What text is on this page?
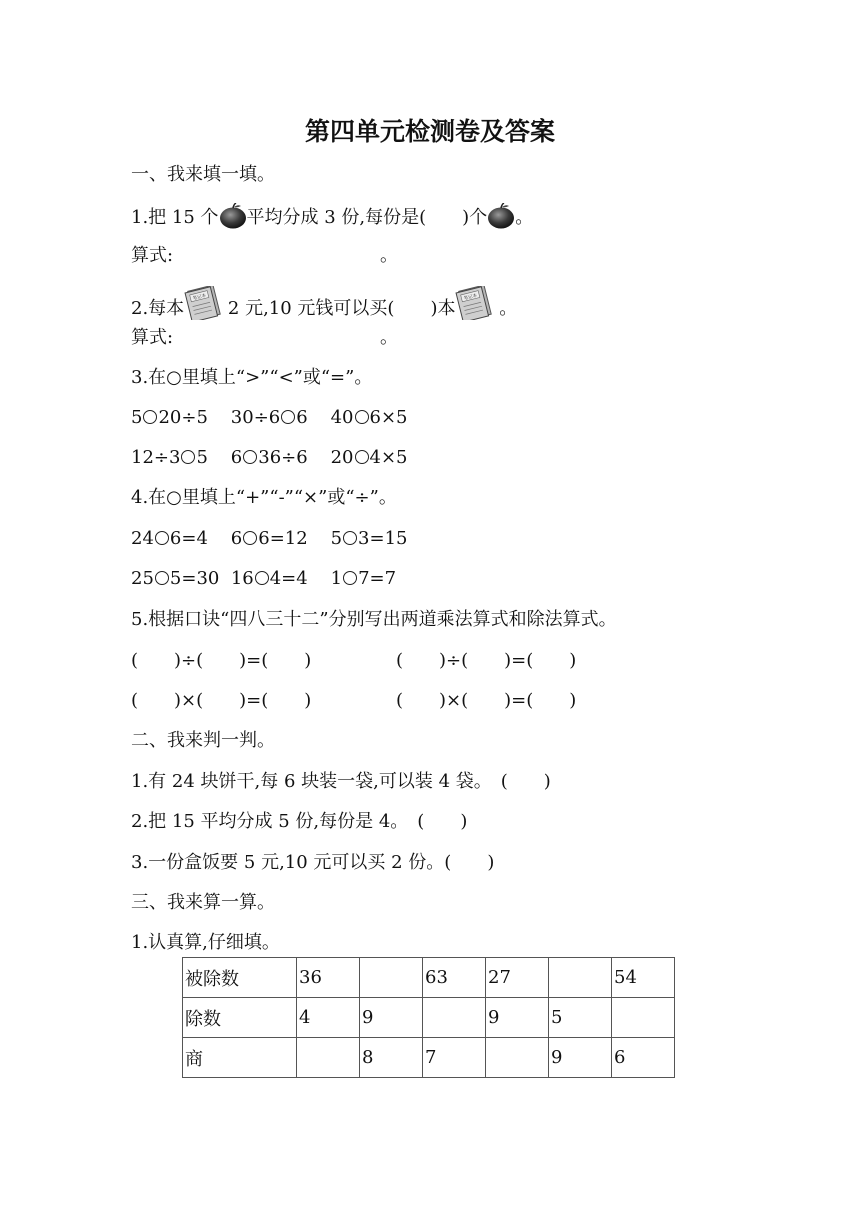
第四单元检测卷及答案
一、我来填一填。
1.把 15 个 平均分成 3 份,每份是(　　)个 。
算式:	。
2.每本
笔记本
2 元,10 元钱可以买(　　)本
笔记本
。
算式:	。
3.在○里填上“>”“<”或“=”。
5 20÷5 30÷6 6 40 6×5
12÷3 5 6 36÷6 20 4×5
4.在○里填上“+”“-”“×”或“÷”。
24 6=4 6 6=12 5 3=15
25 5=30 16 4=4 1 7=7
5.根据口诀“四八三十二”分别写出两道乘法算式和除法算式。
(　　)÷(　　)=(　　)	(　　)÷(　　)=(　　)
(　　)×(　　)=(　　)	(　　)×(　　)=(　　)
二、我来判一判。
1.有 24 块饼干,每 6 块装一袋,可以装 4 袋。　(　　)
2.把 15 平均分成 5 份,每份是 4。　(　　)
3.一份盒饭要 5 元,10 元可以买 2 份。(　　)
三、我来算一算。
1.认真算,仔细填。
被除数	36		63	27		54
除数	4	9		9	5	
商		8	7		9	6
